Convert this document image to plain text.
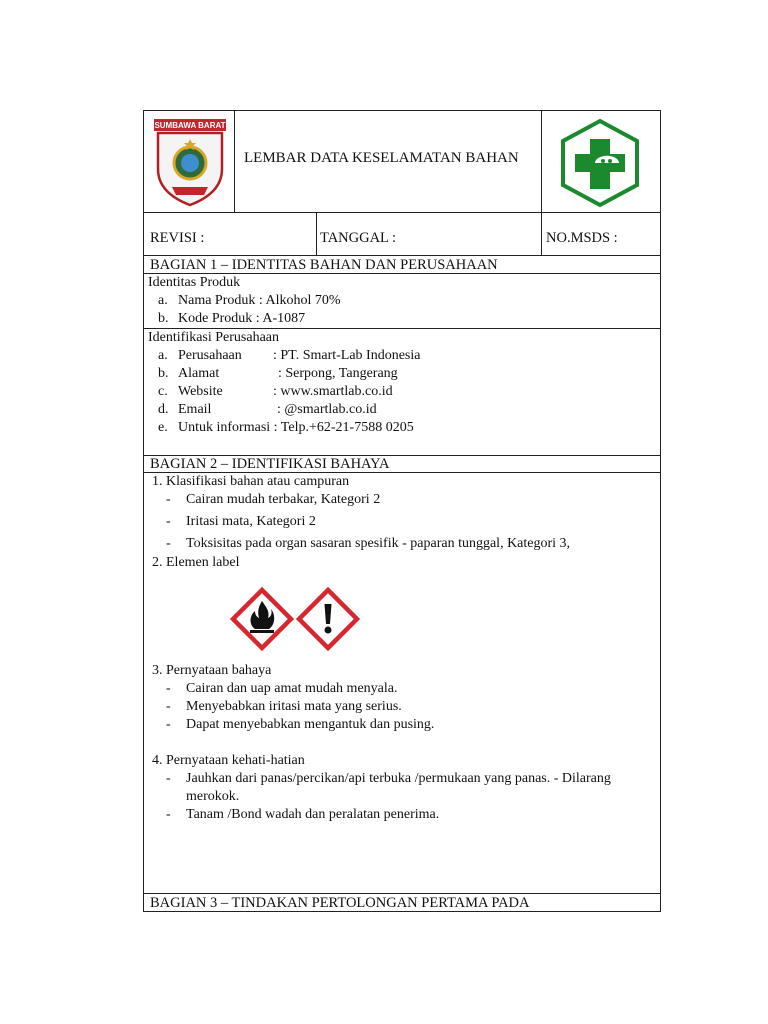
SUMBAWA BARAT
LEMBAR DATA KESELAMATAN BAHAN
REVISI :	TANGGAL :	NO.MSDS :
BAGIAN 1 – IDENTITAS BAHAN DAN PERUSAHAAN
Identitas Produk
a. Nama Produk : Alkohol 70%
b. Kode Produk : A-1087
Identifikasi Perusahaan
a. Perusahaan : PT. Smart-Lab Indonesia
b. Alamat	: Serpong, Tangerang
c. Website	: www.smartlab.co.id
d. Email	: @smartlab.co.id
e. Untuk informasi : Telp.+62-21-7588 0205
BAGIAN 2 – IDENTIFIKASI BAHAYA
1. Klasifikasi bahan atau campuran
- Cairan mudah terbakar, Kategori 2
- Iritasi mata, Kategori 2
- Toksisitas pada organ sasaran spesifik - paparan tunggal, Kategori 3,
2. Elemen label
3. Pernyataan bahaya
- Cairan dan uap amat mudah menyala.
- Menyebabkan iritasi mata yang serius.
- Dapat menyebabkan mengantuk dan pusing.
4. Pernyataan kehati-hatian
- Jauhkan dari panas/percikan/api terbuka /permukaan yang panas. - Dilarang
merokok.
- Tanam /Bond wadah dan peralatan penerima.
BAGIAN 3 – TINDAKAN PERTOLONGAN PERTAMA PADA
